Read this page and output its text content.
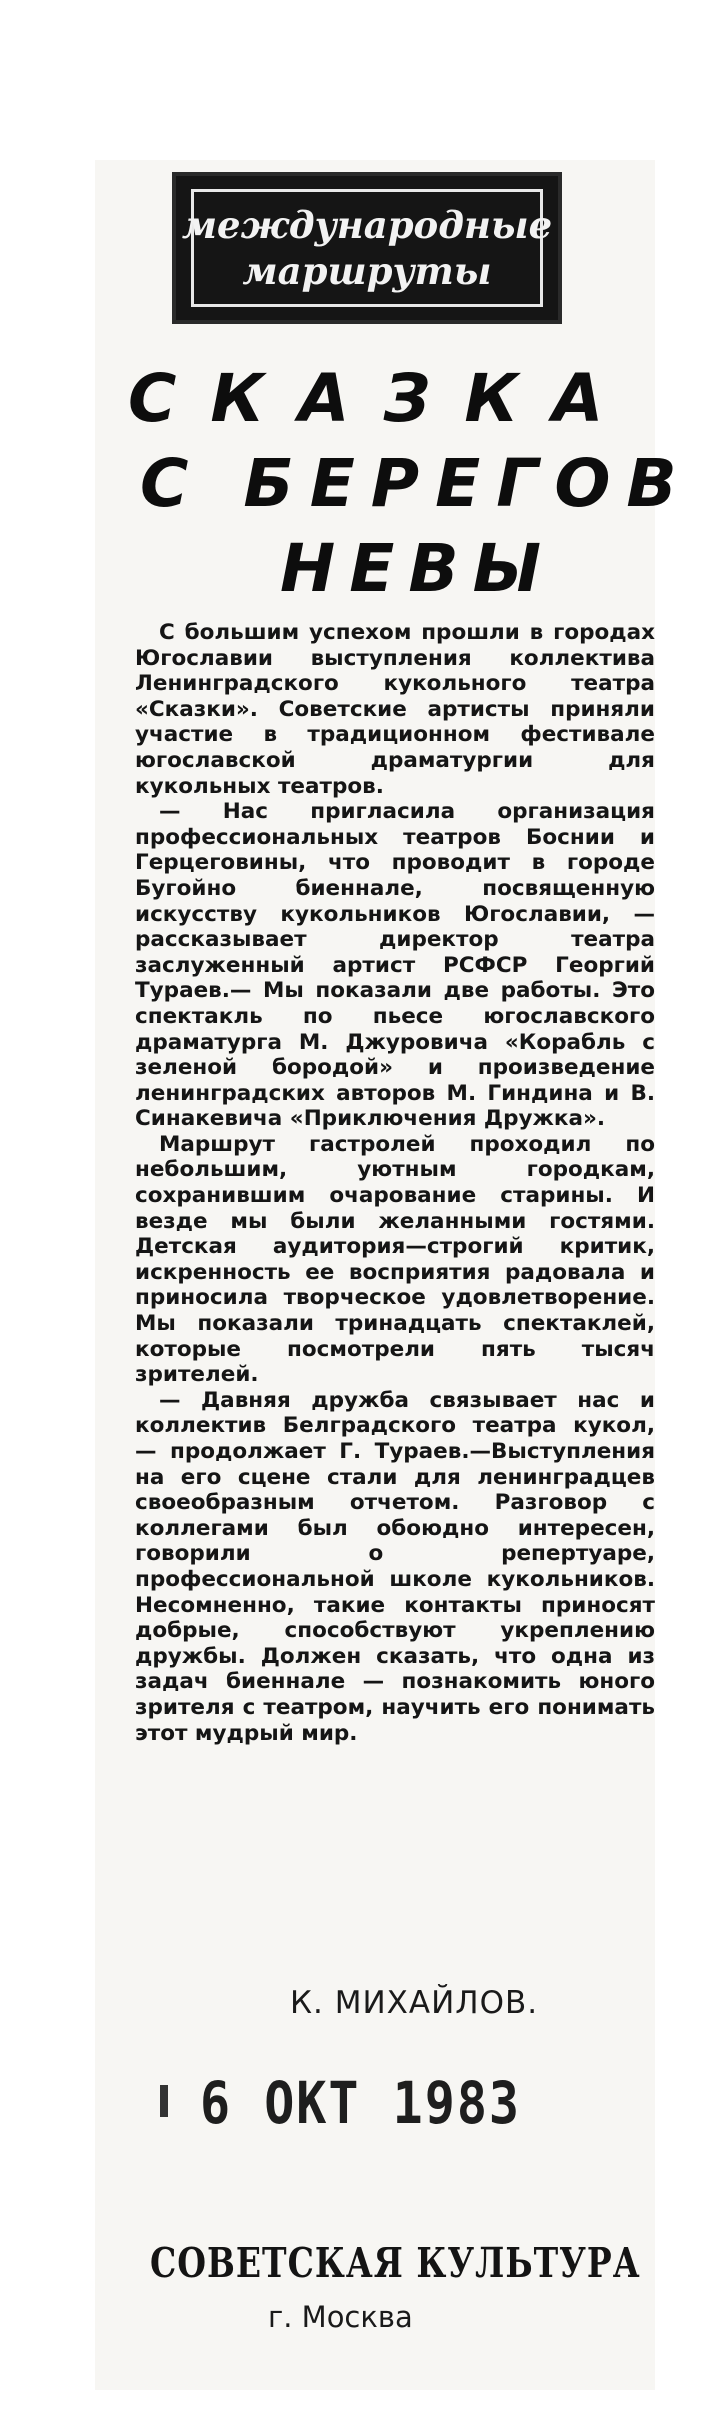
международные
маршруты
СКАЗКА
С БЕРЕГОВ
НЕВЫ

С большим успехом прошли в городах Югославии выступления коллектива Ленинградского кукольного театра «Сказки». Советские артисты приняли участие в традиционном фестивале югославской драматургии для кукольных театров.

— Нас пригласила организация профессиональных театров Боснии и Герцеговины, что проводит в городе Бугойно биеннале, посвященную искусству кукольников Югославии, — рассказывает директор театра заслуженный артист РСФСР Георгий Тураев.— Мы показали две работы. Это спектакль по пьесе югославского драматурга М. Джуровича «Корабль с зеленой бородой» и произведение ленинградских авторов М. Гиндина и В. Синакевича «Приключения Дружка».

Маршрут гастролей проходил по небольшим, уютным городкам, сохранившим очарование старины. И везде мы были желанными гостями. Детская аудитория—строгий критик, искренность ее восприятия радовала и приносила творческое удовлетворение. Мы показали тринадцать спектаклей, которые посмотрели пять тысяч зрителей.

— Давняя дружба связывает нас и коллектив Белградского театра кукол, — продолжает Г. Тураев.—Выступления на его сцене стали для ленинградцев своеобразным отчетом. Разговор с коллегами был обоюдно интересен, говорили о репертуаре, профессиональной школе кукольников. Несомненно, такие контакты приносят добрые, способствуют укреплению дружбы. Должен сказать, что одна из задач биеннале — познакомить юного зрителя с театром, научить его понимать этот мудрый мир.

К. МИХАЙЛОВ.
6 ОКТ 1983
СОВЕТСКАЯ КУЛЬТУРА
г. Москва
